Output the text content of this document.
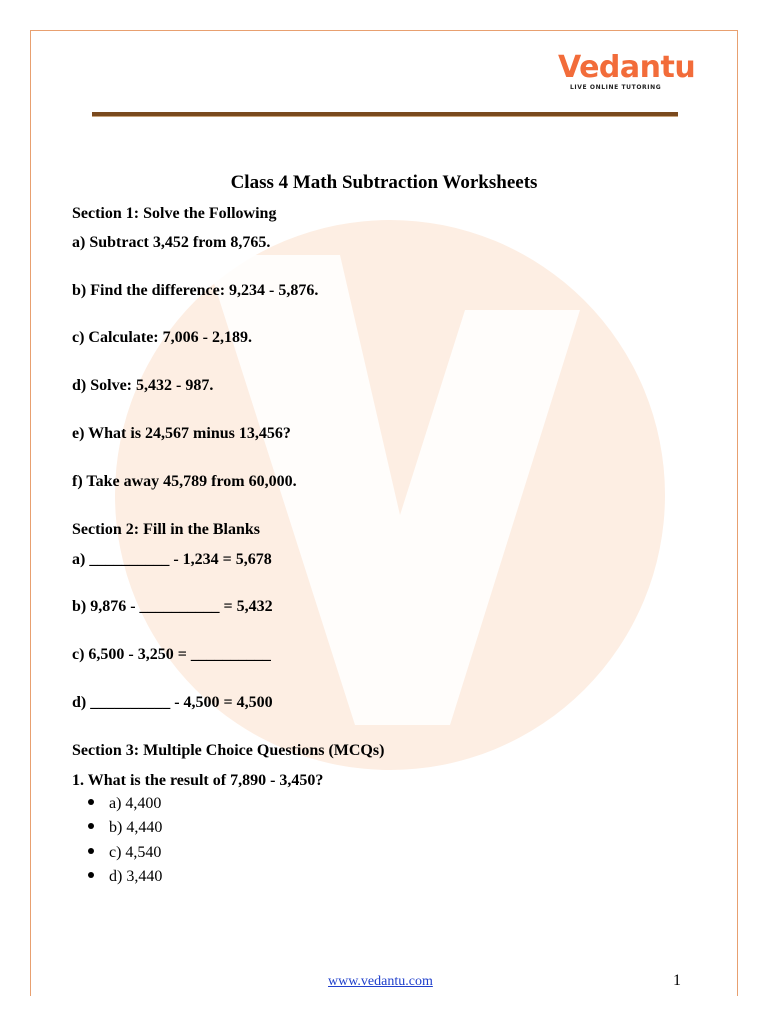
Vedantu
LIVE ONLINE TUTORING
Class 4 Math Subtraction Worksheets
Section 1: Solve the Following
a) Subtract 3,452 from 8,765.
b) Find the difference: 9,234 - 5,876.
c) Calculate: 7,006 - 2,189.
d) Solve: 5,432 - 987.
e) What is 24,567 minus 13,456?
f) Take away 45,789 from 60,000.
Section 2: Fill in the Blanks
a) __________ - 1,234 = 5,678
b) 9,876 - __________ = 5,432
c) 6,500 - 3,250 = __________
d) __________ - 4,500 = 4,500
Section 3: Multiple Choice Questions (MCQs)
1. What is the result of 7,890 - 3,450?
a) 4,400
b) 4,440
c) 4,540
d) 3,440
www.vedantu.com	1
